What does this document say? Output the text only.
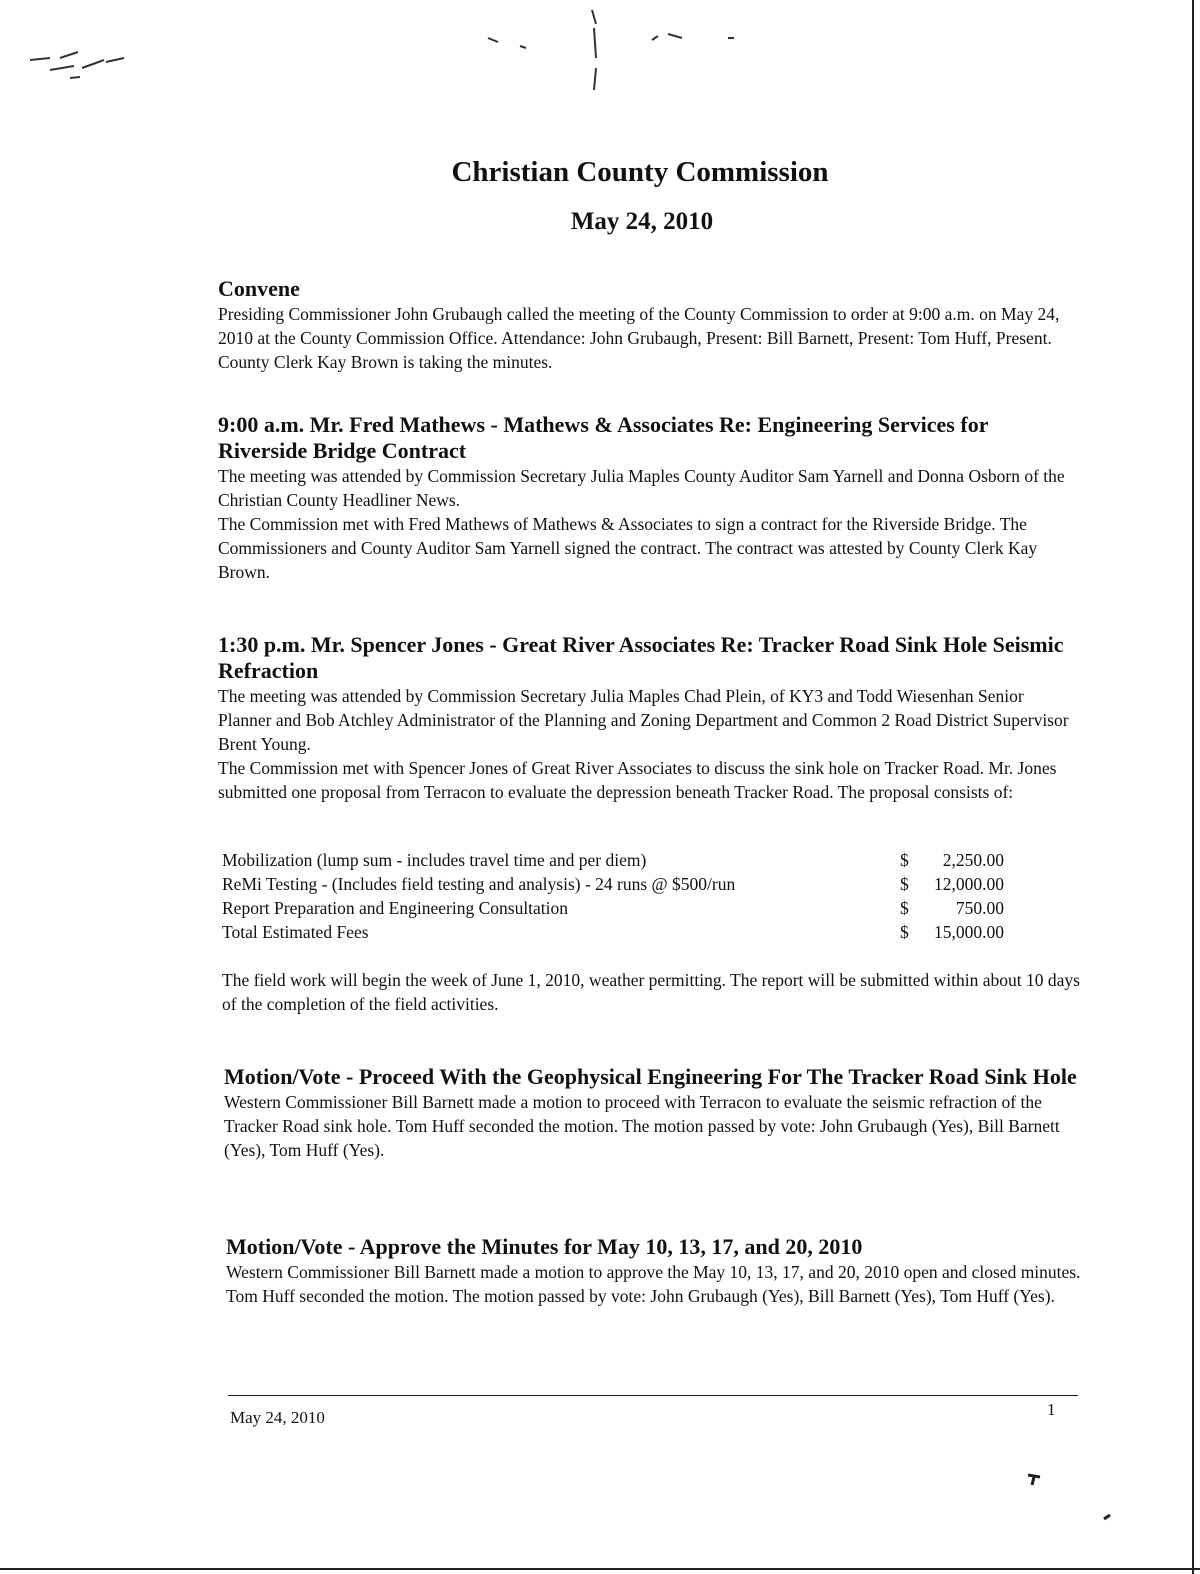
Christian County Commission
May 24, 2010
Convene

Presiding Commissioner John Grubaugh called the meeting of the County Commission to order at 9:00 a.m. on May 24, 2010 at the County Commission Office. Attendance: John Grubaugh, Present: Bill Barnett, Present: Tom Huff, Present. County Clerk Kay Brown is taking the minutes.

9:00 a.m. Mr. Fred Mathews - Mathews & Associates Re: Engineering Services for Riverside Bridge Contract

The meeting was attended by Commission Secretary Julia Maples County Auditor Sam Yarnell and Donna Osborn of the Christian County Headliner News.

The Commission met with Fred Mathews of Mathews & Associates to sign a contract for the Riverside Bridge. The Commissioners and County Auditor Sam Yarnell signed the contract. The contract was attested by County Clerk Kay Brown.

1:30 p.m. Mr. Spencer Jones - Great River Associates Re: Tracker Road Sink Hole Seismic Refraction

The meeting was attended by Commission Secretary Julia Maples Chad Plein, of KY3 and Todd Wiesenhan Senior Planner and Bob Atchley Administrator of the Planning and Zoning Department and Common 2 Road District Supervisor Brent Young.

The Commission met with Spencer Jones of Great River Associates to discuss the sink hole on Tracker Road. Mr. Jones submitted one proposal from Terracon to evaluate the depression beneath Tracker Road. The proposal consists of:

Mobilization (lump sum - includes travel time and per diem)	$ 2,250.00
ReMi Testing - (Includes field testing and analysis) - 24 runs @ $500/run	$ 12,000.00
Report Preparation and Engineering Consultation	$	750.00
Total Estimated Fees	$ 15,000.00

The field work will begin the week of June 1, 2010, weather permitting. The report will be submitted within about 10 days of the completion of the field activities.

Motion/Vote - Proceed With the Geophysical Engineering For The Tracker Road Sink Hole

Western Commissioner Bill Barnett made a motion to proceed with Terracon to evaluate the seismic refraction of the Tracker Road sink hole. Tom Huff seconded the motion. The motion passed by vote: John Grubaugh (Yes), Bill Barnett (Yes), Tom Huff (Yes).

Motion/Vote - Approve the Minutes for May 10, 13, 17, and 20, 2010

Western Commissioner Bill Barnett made a motion to approve the May 10, 13, 17, and 20, 2010 open and closed minutes. Tom Huff seconded the motion. The motion passed by vote: John Grubaugh (Yes), Bill Barnett (Yes), Tom Huff (Yes).

May 24, 2010	1
